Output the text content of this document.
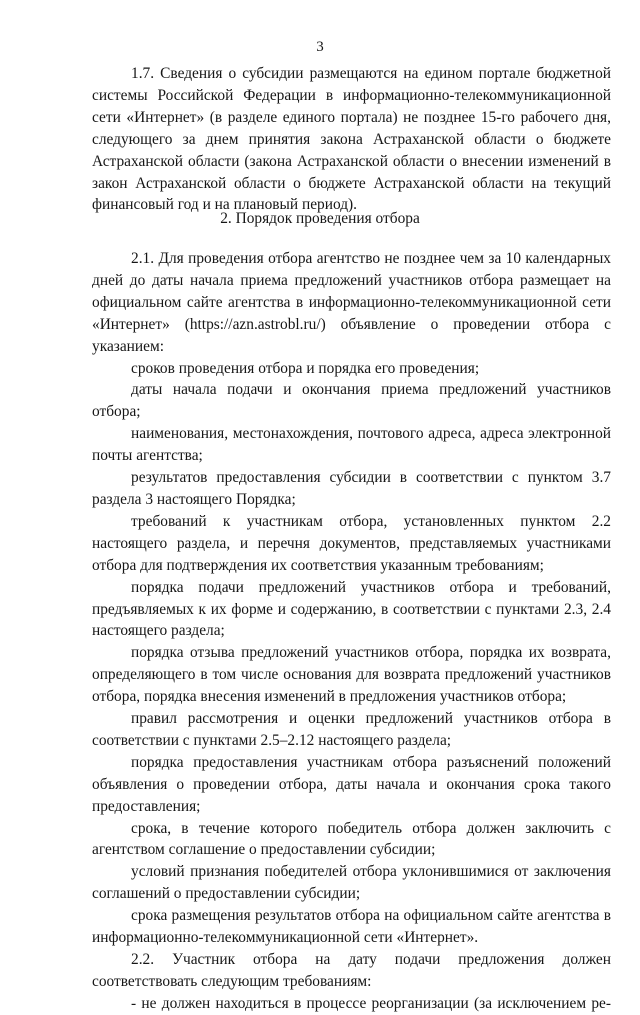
3

1.7. Сведения о субсидии размещаются на едином портале бюджетной системы Российской Федерации в информационно-телекоммуникационной сети «Интернет» (в разделе единого портала) не позднее 15-го рабочего дня, следующего за днем принятия закона Астраханской области о бюджете Астраханской области (закона Астраханской области о внесении изменений в закон Астраханской области о бюджете Астраханской области на текущий финансовый год и на плановый период).

2. Порядок проведения отбора

2.1. Для проведения отбора агентство не позднее чем за 10 календарных дней до даты начала приема предложений участников отбора размещает на официальном сайте агентства в информационно-телекоммуникационной сети «Интернет» (https://azn.astrobl.ru/) объявление о проведении отбора с указанием:

сроков проведения отбора и порядка его проведения;

даты начала подачи и окончания приема предложений участников отбора;

наименования, местонахождения, почтового адреса, адреса электронной почты агентства;

результатов предоставления субсидии в соответствии с пунктом 3.7 раздела 3 настоящего Порядка;

требований к участникам отбора, установленных пунктом 2.2 настоящего раздела, и перечня документов, представляемых участниками отбора для подтверждения их соответствия указанным требованиям;

порядка подачи предложений участников отбора и требований, предъявляемых к их форме и содержанию, в соответствии с пунктами 2.3, 2.4 настоящего раздела;

порядка отзыва предложений участников отбора, порядка их возврата, определяющего в том числе основания для возврата предложений участников отбора, порядка внесения изменений в предложения участников отбора;

правил рассмотрения и оценки предложений участников отбора в соответствии с пунктами 2.5–2.12 настоящего раздела;

порядка предоставления участникам отбора разъяснений положений объявления о проведении отбора, даты начала и окончания срока такого предоставления;

срока, в течение которого победитель отбора должен заключить с агентством соглашение о предоставлении субсидии;

условий признания победителей отбора уклонившимися от заключения соглашений о предоставлении субсидии;

срока размещения результатов отбора на официальном сайте агентства в информационно-телекоммуникационной сети «Интернет».

2.2. Участник отбора на дату подачи предложения должен соответствовать следующим требованиям:

- не должен находиться в процессе реорганизации (за исключением ре-
